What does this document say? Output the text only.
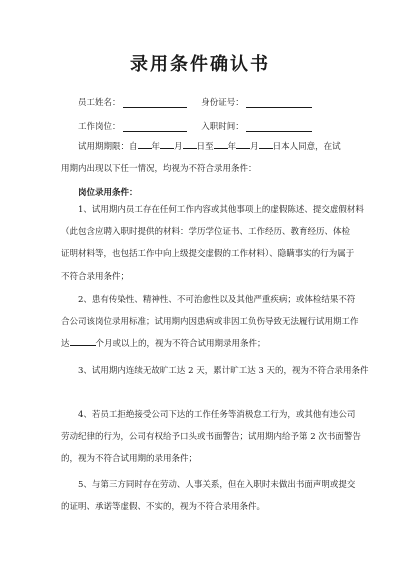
录用条件确认书
员工姓名：
	身份证号：
工作岗位：
	入职时间：
试用期期限：自 年 月 日至 年 月 日本人同意，在试
用期内出现以下任一情况，均视为不符合录用条件：
岗位录用条件：
1、试用期内员工存在任何工作内容或其他事项上的虚假陈述、提交虚假材料
（此包含应聘入职时提供的材料：学历学位证书、工作经历、教育经历、体检
证明材料等，也包括工作中向上级提交虚假的工作材料）、隐瞒事实的行为属于
不符合录用条件；
2、患有传染性、精神性、不可治愈性以及其他严重疾病；或体检结果不符
合公司该岗位录用标准；试用期内因患病或非因工负伤导致无法履行试用期工作
达	个月或以上的，视为不符合试用期录用条件；
3、试用期内连续无故旷工达 2 天，累计旷工达 3 天的，视为不符合录用条件
4、若员工拒绝接受公司下达的工作任务等消极怠工行为，或其他有违公司
劳动纪律的行为，公司有权给予口头或书面警告；试用期内给予第 2 次书面警告
的，视为不符合试用期的录用条件；
5、与第三方同时存在劳动、人事关系，但在入职时未做出书面声明或提交
的证明、承诺等虚假、不实的，视为不符合录用条件。
